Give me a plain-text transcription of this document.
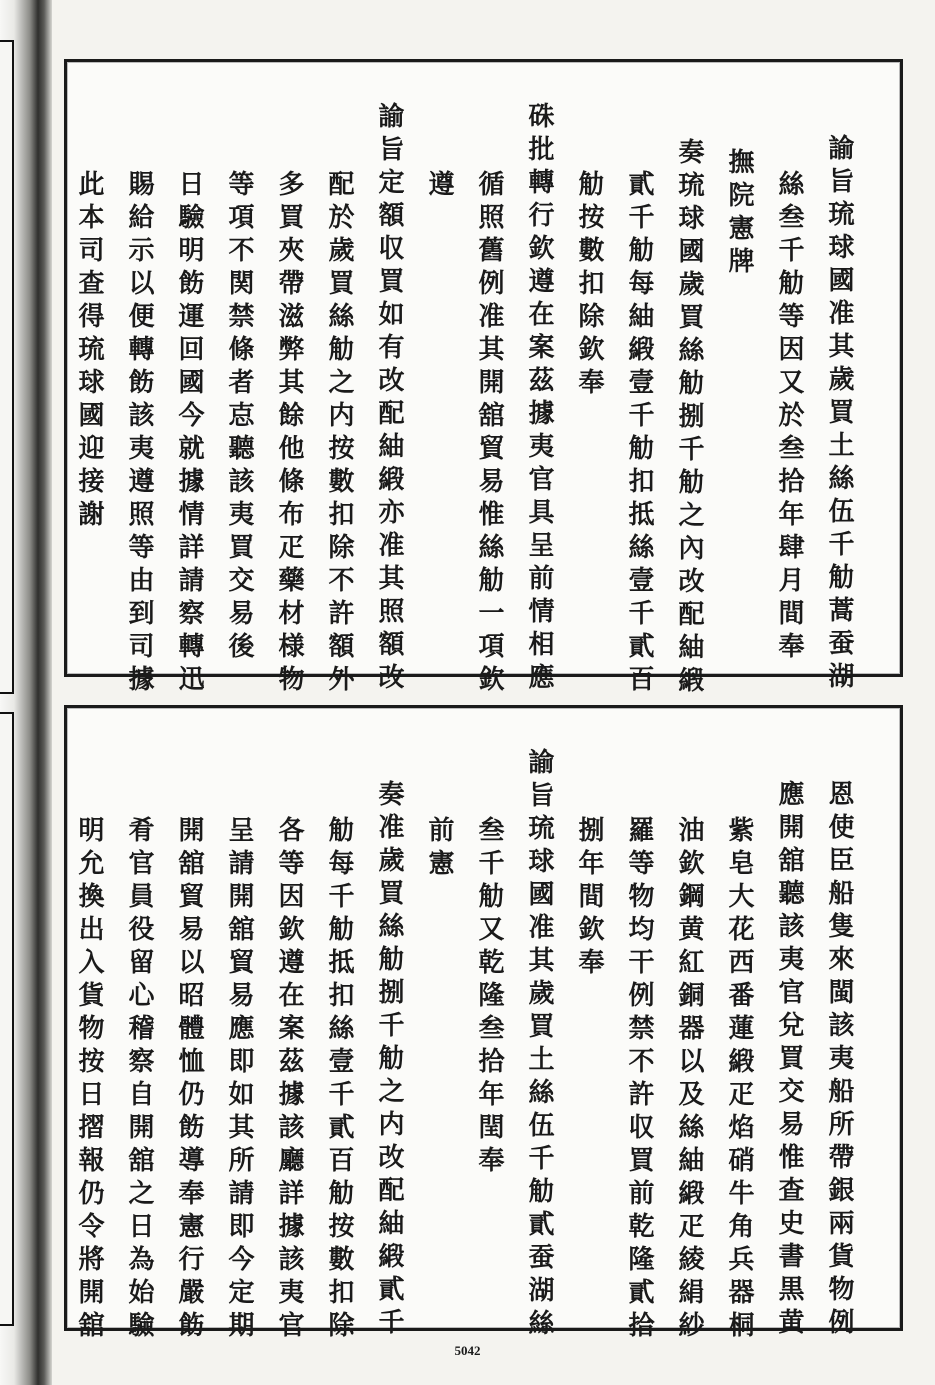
諭旨琉球國准其歲買土絲伍千觔蒿蚕湖
絲叁千觔等因又於叁拾年肆月間奉
撫院憲牌
奏琉球國歲買絲觔捌千觔之內改配紬緞
貳千觔每紬緞壹千觔扣抵絲壹千貳百
觔按數扣除欽奉
硃批轉行欽遵在案茲據夷官具呈前情相應
循照舊例准其開舘貿易惟絲觔一項欽
遵
諭旨定額収買如有改配紬緞亦准其照額改
配於歲買絲觔之内按數扣除不許額外
多買夾帶滋弊其餘他條布疋藥材様物
等項不関禁條者怘聽該夷買交易後
日驗明飭運回國今就據情詳請察轉迅
賜給示以便轉飭該夷遵照等由到司據
此本司查得琉球國迎接謝
恩使臣船隻來閩該夷船所帶銀兩貨物例
應開舘聽該夷官兌買交易惟查史書黒黄
紫皂大花西番蓮緞疋焰硝牛角兵器桐
油欽鋼黄紅銅器以及絲紬緞疋綾絹紗
羅等物均干例禁不許収買前乾隆貳拾
捌年間欽奉
諭旨琉球國准其歲買土絲伍千觔貳蚕湖絲
叁千觔又乾隆叁拾年閏奉
前憲
奏准歲買絲觔捌千觔之内改配紬緞貳千
觔每千觔抵扣絲壹千貳百觔按數扣除
各等因欽遵在案茲據該廳詳據該夷官
呈請開舘貿易應即如其所請即今定期
開舘貿易以昭體恤仍飭導奉憲行嚴飭
肴官員役留心稽察自開舘之日為始驗
明允換出入貨物按日摺報仍令將開舘
5042
